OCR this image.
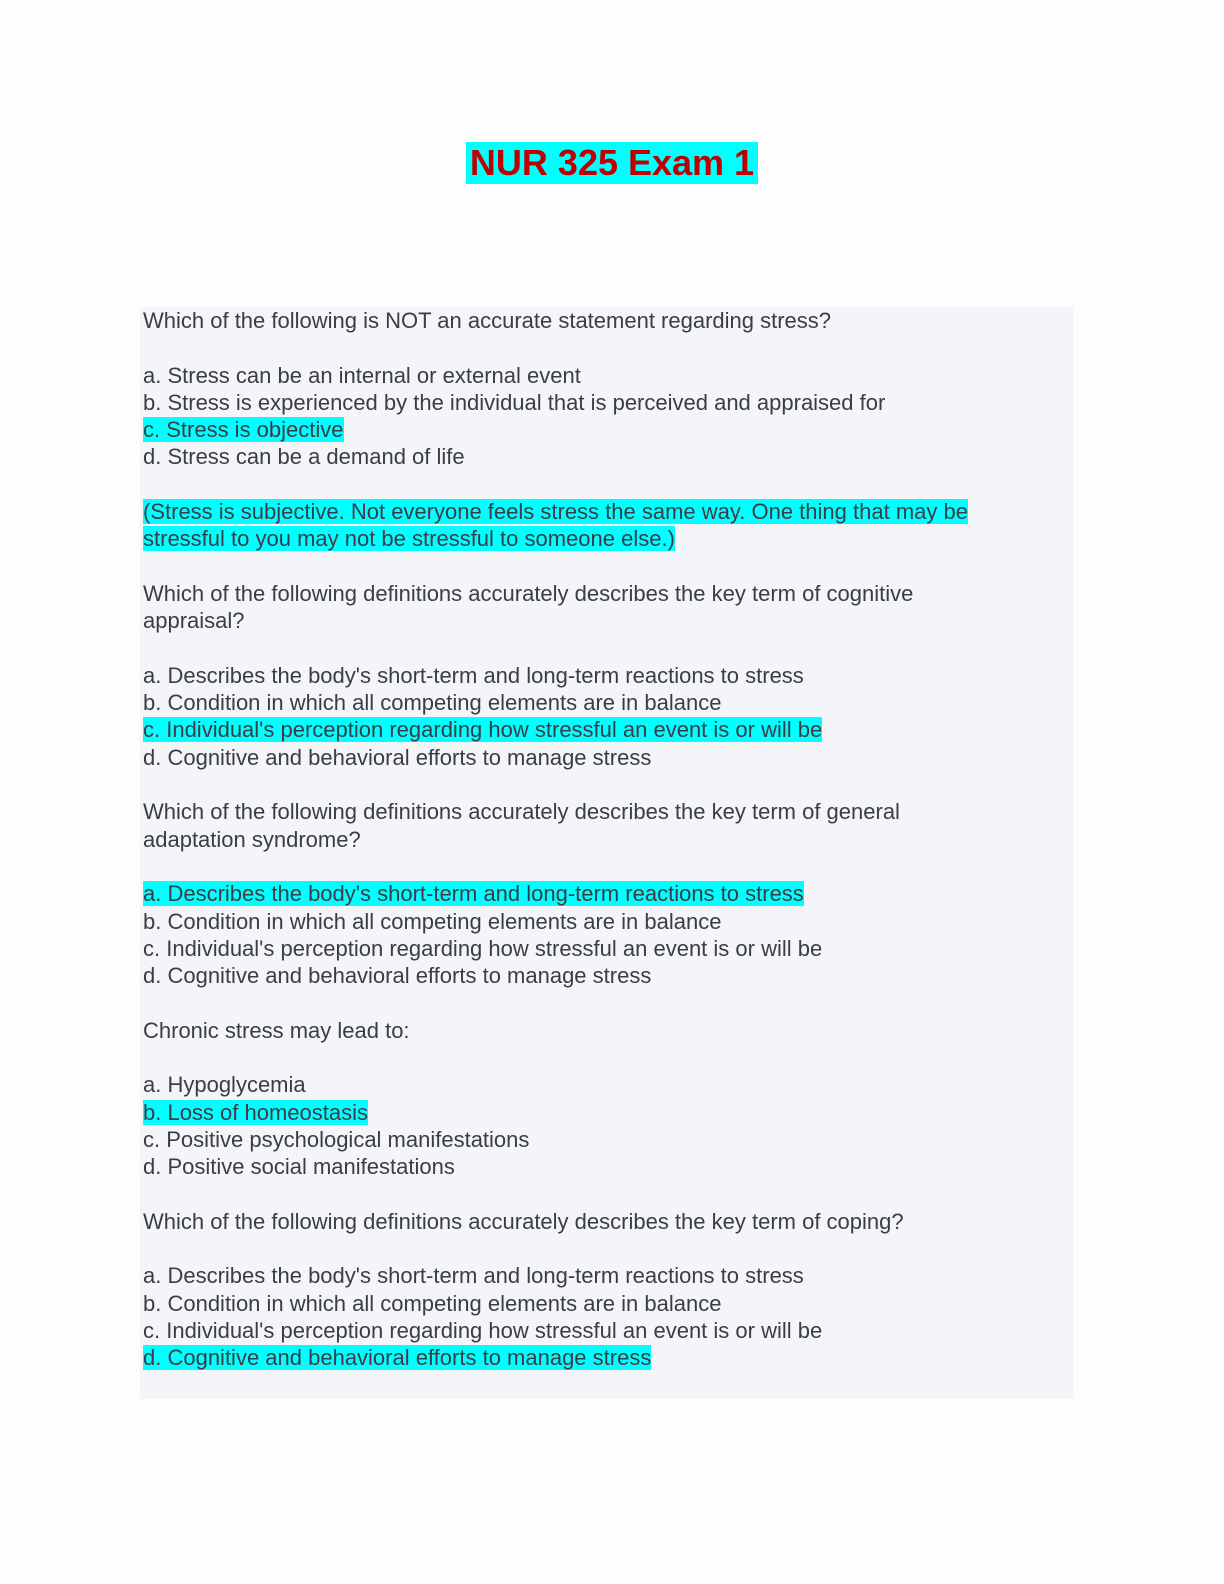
NUR 325 Exam 1
Which of the following is NOT an accurate statement regarding stress?
a. Stress can be an internal or external event
b. Stress is experienced by the individual that is perceived and appraised for
c. Stress is objective
d. Stress can be a demand of life
(Stress is subjective. Not everyone feels stress the same way. One thing that may be
stressful to you may not be stressful to someone else.)
Which of the following definitions accurately describes the key term of cognitive
appraisal?
a. Describes the body's short-term and long-term reactions to stress
b. Condition in which all competing elements are in balance
c. Individual's perception regarding how stressful an event is or will be
d. Cognitive and behavioral efforts to manage stress
Which of the following definitions accurately describes the key term of general
adaptation syndrome?
a. Describes the body's short-term and long-term reactions to stress
b. Condition in which all competing elements are in balance
c. Individual's perception regarding how stressful an event is or will be
d. Cognitive and behavioral efforts to manage stress
Chronic stress may lead to:
a. Hypoglycemia
b. Loss of homeostasis
c. Positive psychological manifestations
d. Positive social manifestations
Which of the following definitions accurately describes the key term of coping?
a. Describes the body's short-term and long-term reactions to stress
b. Condition in which all competing elements are in balance
c. Individual's perception regarding how stressful an event is or will be
d. Cognitive and behavioral efforts to manage stress
